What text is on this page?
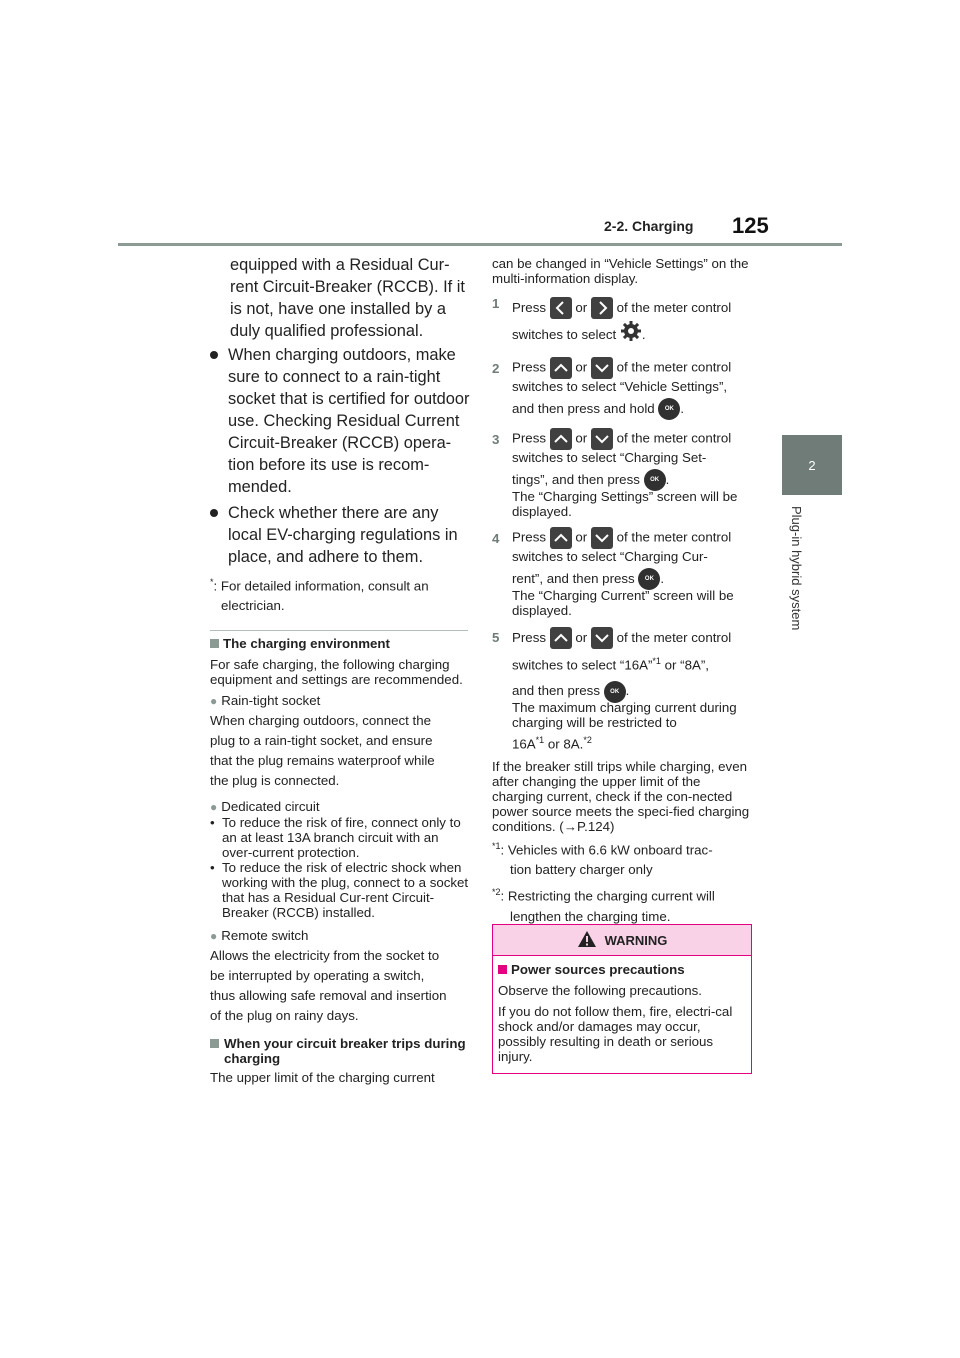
2-2. Charging 125
2
Plug-in hybrid system
equipped with a Residual Cur-
rent Circuit-Breaker (RCCB). If it
is not, have one installed by a
duly qualified professional.
When charging outdoors, make
sure to connect to a rain-tight
socket that is certified for outdoor
use. Checking Residual Current
Circuit-Breaker (RCCB) opera-
tion before its use is recom-
mended.
Check whether there are any
local EV-charging regulations in
place, and adhere to them.
*: For detailed information, consult an
electrician.
The charging environment
For safe charging, the following charging equipment and settings are recommended.
● Rain-tight socket
When charging outdoors, connect the
plug to a rain-tight socket, and ensure
that the plug remains waterproof while
the plug is connected.
● Dedicated circuit
• To reduce the risk of fire, connect only to an at least 13A branch circuit with an over-current protection.
• To reduce the risk of electric shock when working with the plug, connect to a socket that has a Residual Cur-rent Circuit-Breaker (RCCB) installed.
● Remote switch
Allows the electricity from the socket to
be interrupted by operating a switch,
thus allowing safe removal and insertion
of the plug on rainy days.
When your circuit breaker trips during charging
The upper limit of the charging current
can be changed in “Vehicle Settings” on the multi-information display.
1 Press or of the meter control
switches to select .
2 Press or of the meter control switches to select “Vehicle Settings”,
and then press and hold OK .
3 Press or of the meter control switches to select “Charging Set-
tings”, and then press OK .
The “Charging Settings” screen will be displayed.
4 Press or of the meter control switches to select “Charging Cur-
rent”, and then press OK .
The “Charging Current” screen will be displayed.
5 Press or of the meter control
switches to select “16A”$^{*1}$ or “8A”,
and then press OK .
The maximum charging current during charging will be restricted to
$16A^{*1}$ or 8A.$^{*2}$
If the breaker still trips while charging, even after changing the upper limit of the charging current, check if the con-nected power source meets the speci-fied charging conditions. (→P.124)
$^{*1}$: Vehicles with 6.6 kW onboard trac-
tion battery charger only
$^{*2}$: Restricting the charging current will
lengthen the charging time.
WARNING
Power sources precautions
Observe the following precautions.
If you do not follow them, fire, electri-cal shock and/or damages may occur, possibly resulting in death or serious injury.
